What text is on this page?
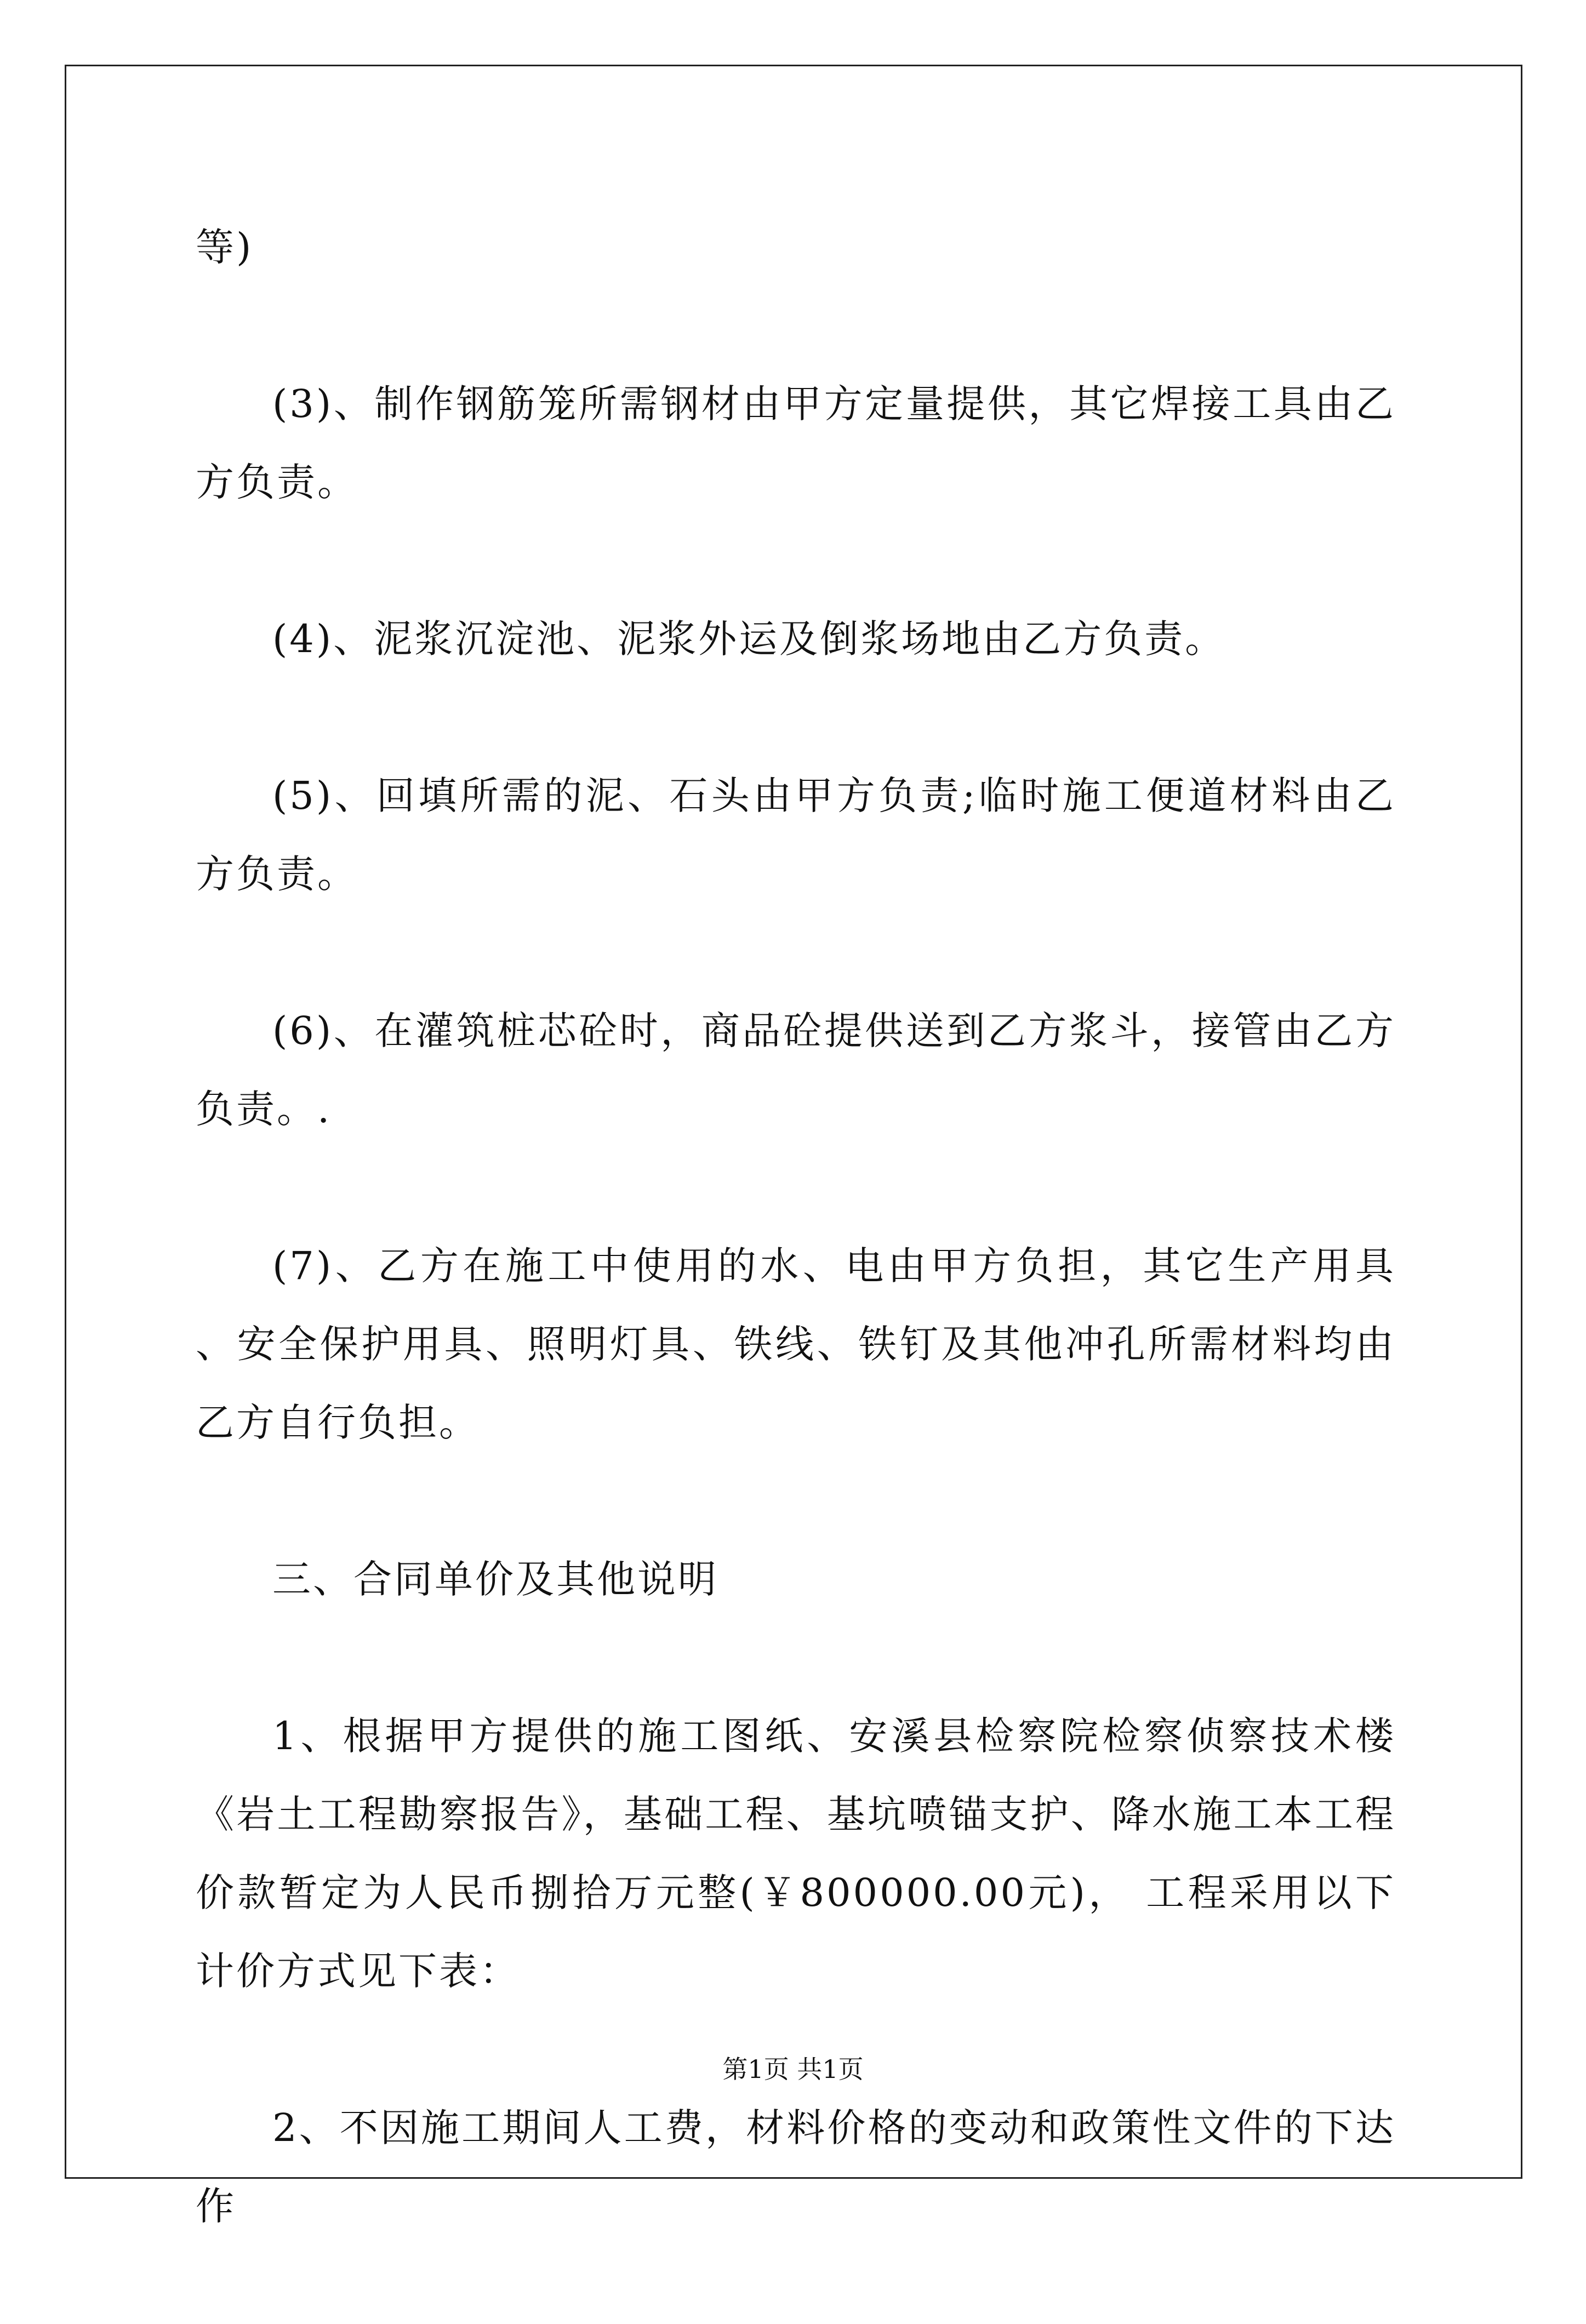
等)

(3)、制作钢筋笼所需钢材由甲方定量提供，其它焊接工具由乙方负责。

(4)、泥浆沉淀池、泥浆外运及倒浆场地由乙方负责。

(5)、回填所需的泥、石头由甲方负责;临时施工便道材料由乙方负责。

(6)、在灌筑桩芯砼时，商品砼提供送到乙方浆斗，接管由乙方负责。.

(7)、乙方在施工中使用的水、电由甲方负担，其它生产用具 、安全保护用具、照明灯具、铁线、铁钉及其他冲孔所需材料均由乙方自行负担。

三、合同单价及其他说明

1、根据甲方提供的施工图纸、安溪县检察院检察侦察技术楼《岩土工程勘察报告》，基础工程、基坑喷锚支护、降水施工本工程价款暂定为人民币捌拾万元整(￥800000.00元)， 工程采用以下计价方式见下表：

2、不因施工期间人工费，材料价格的变动和政策性文件的下达作

第1页 共1页
